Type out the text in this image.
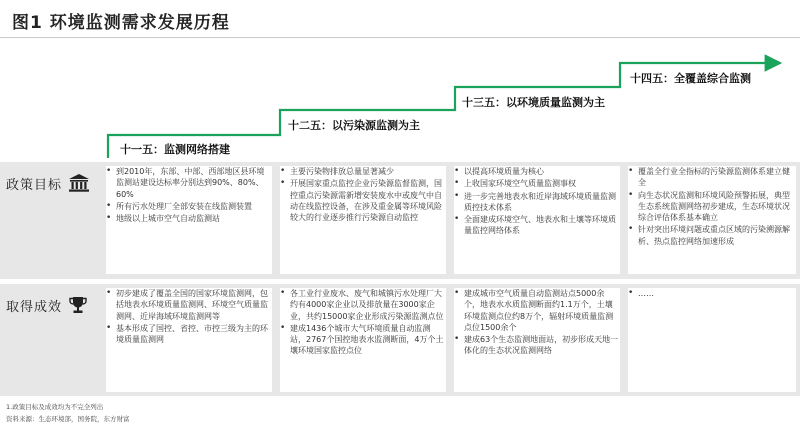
图1 环境监测需求发展历程
十一五：监测网络搭建
十二五：以污染源监测为主
十三五：以环境质量监测为主
十四五：全覆盖综合监测
政策目标
• 到2010年，东部、中部、西部地区县环境监测站建设达标率分别达到90%、80%、60%
• 所有污水处理厂全部安装在线监测装置
• 地级以上城市空气自动监测站
• 主要污染物排放总量显著减少
• 开展国家重点监控企业污染源监督监测，国控重点污染源需新增安装废水中或废气中自动在线监控设备，在涉及重金属等环境风险较大的行业逐步推行污染源自动监控
• 以提高环境质量为核心
• 上收国家环境空气质量监测事权
• 进一步完善地表水和近岸海域环境质量监测质控技术体系
• 全面建成环境空气、地表水和土壤等环境质量监控网络体系
• 覆盖全行业全指标的污染源监测体系建立健全
• 向生态状况监测和环境风险预警拓展，典型生态系统监测网络初步建成，生态环境状况综合评估体系基本确立
• 针对突出环境问题或重点区域的污染溯源解析、热点监控网络加速形成
取得成效
• 初步建成了覆盖全国的国家环境监测网，包括地表水环境质量监测网、环境空气质量监测网、近岸海域环境监测网等
• 基本形成了国控、省控、市控三级为主的环境质量监测网
• 各工业行业废水、废气和城镇污水处理厂大约有4000家企业以及排放量在3000家企业，共约15000家企业形成污染源监测点位
• 建成1436个城市大气环境质量自动监测站，2767个国控地表水监测断面，4万个土壤环境国家监控点位
• 建成城市空气质量自动监测站点5000余个，地表水水质监测断面约1.1万个，土壤环境监测点位约8万个，辐射环境质量监测点位1500余个
• 建成63个生态监测地面站，初步形成天地一体化的生态状况监测网络
• ……
1.政策目标及成效均为不完全列出
资料来源：生态环境部，国务院，东方财富
